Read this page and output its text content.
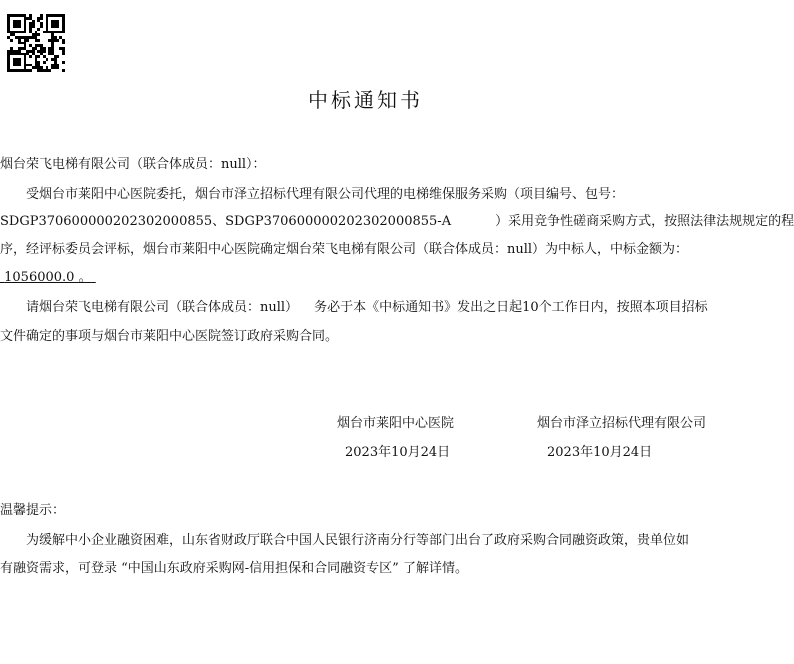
中标通知书
烟台荣飞电梯有限公司（联合体成员：null）：
受烟台市莱阳中心医院委托，烟台市泽立招标代理有限公司代理的电梯维保服务采购（项目编号、包号：
SDGP370600000202302000855、SDGP370600000202302000855-A	）采用竞争性磋商采购方式，按照法律法规规定的程
序，经评标委员会评标，烟台市莱阳中心医院确定烟台荣飞电梯有限公司（联合体成员：null）为中标人，中标金额为：
1056000.0 。
请烟台荣飞电梯有限公司（联合体成员：null） 务必于本《中标通知书》发出之日起10个工作日内，按照本项目招标
文件确定的事项与烟台市莱阳中心医院签订政府采购合同。
烟台市莱阳中心医院
2023年10月24日
烟台市泽立招标代理有限公司
2023年10月24日
温馨提示：
为缓解中小企业融资困难，山东省财政厅联合中国人民银行济南分行等部门出台了政府采购合同融资政策，贵单位如
有融资需求，可登录 “中国山东政府采购网-信用担保和合同融资专区” 了解详情。
